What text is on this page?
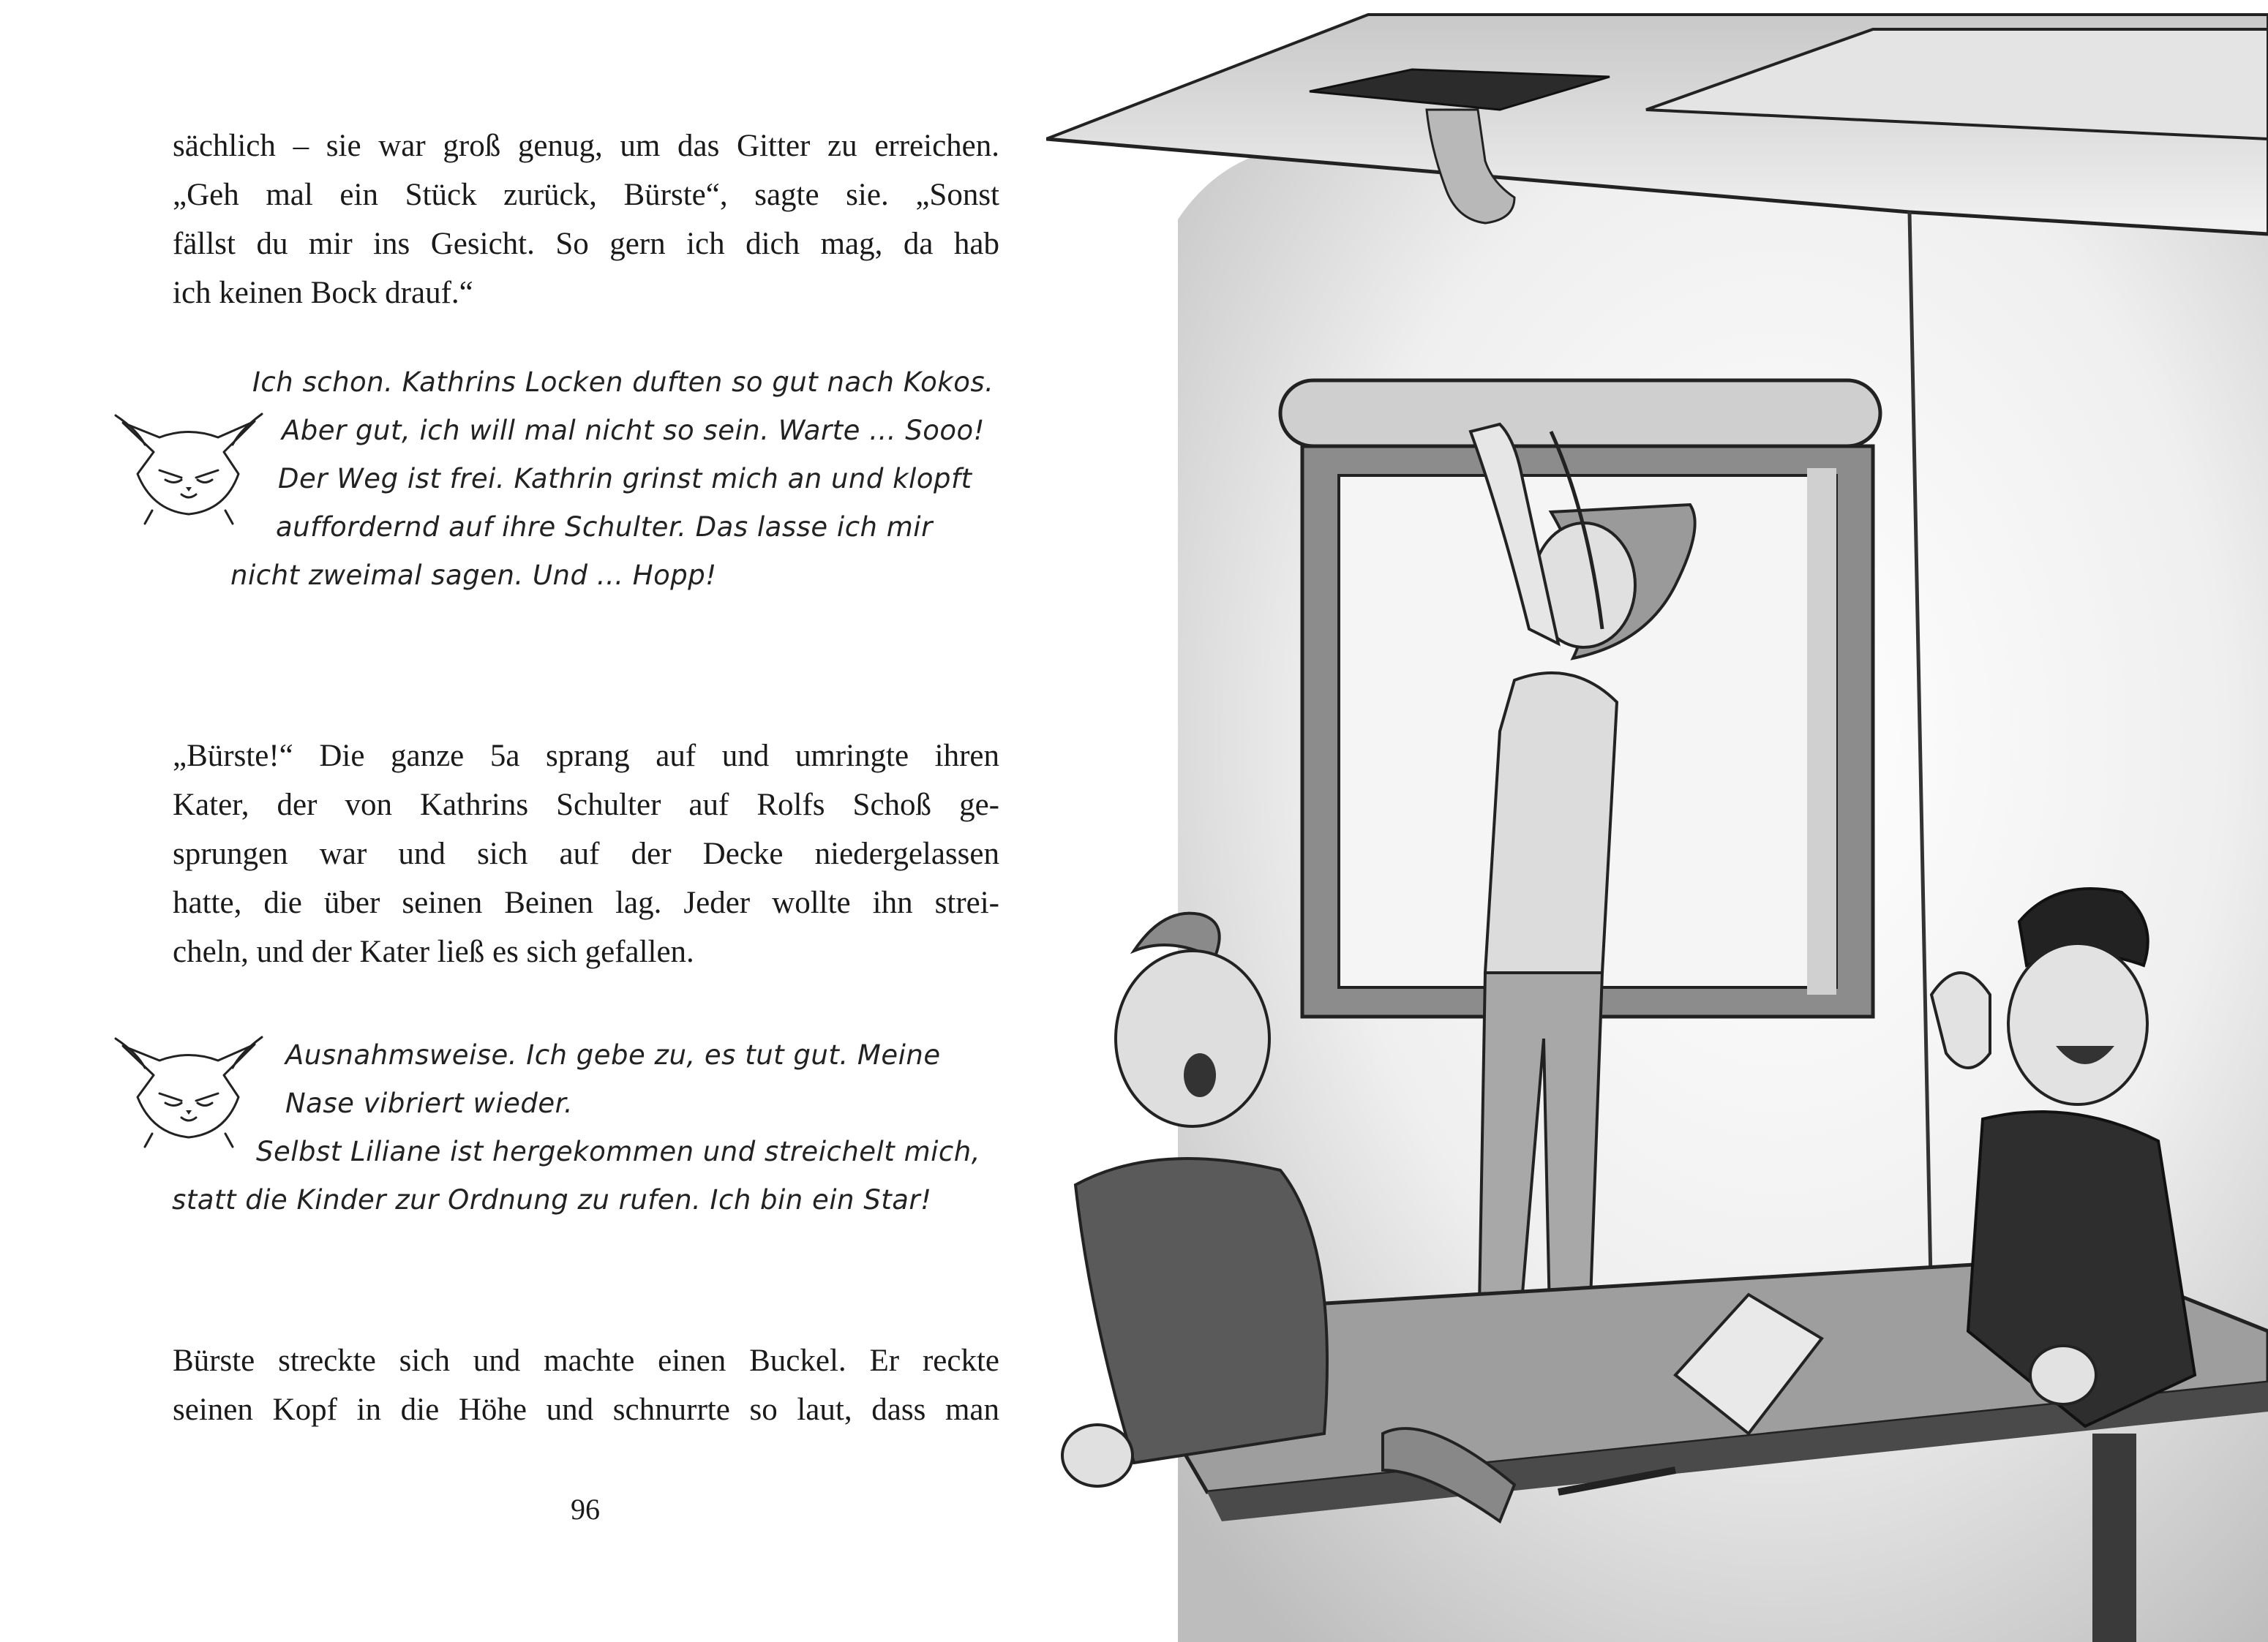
sächlich – sie war groß genug, um das Gitter zu erreichen.
„Geh mal ein Stück zurück, Bürste“, sagte sie. „Sonst
fällst du mir ins Gesicht. So gern ich dich mag, da hab
ich keinen Bock drauf.“

Ich schon. Kathrins Locken duften so gut nach Kokos.
Aber gut, ich will mal nicht so sein. Warte ... Sooo!
Der Weg ist frei. Kathrin grinst mich an und klopft
auffordernd auf ihre Schulter. Das lasse ich mir
nicht zweimal sagen. Und ... Hopp!

„Bürste!“ Die ganze 5a sprang auf und umringte ihren
Kater, der von Kathrins Schulter auf Rolfs Schoß ge-
sprungen war und sich auf der Decke niedergelassen
hatte, die über seinen Beinen lag. Jeder wollte ihn strei-
cheln, und der Kater ließ es sich gefallen.

Ausnahmsweise. Ich gebe zu, es tut gut. Meine
Nase vibriert wieder.
Selbst Liliane ist hergekommen und streichelt mich,
statt die Kinder zur Ordnung zu rufen. Ich bin ein Star!

Bürste streckte sich und machte einen Buckel. Er reckte
seinen Kopf in die Höhe und schnurrte so laut, dass man

96
